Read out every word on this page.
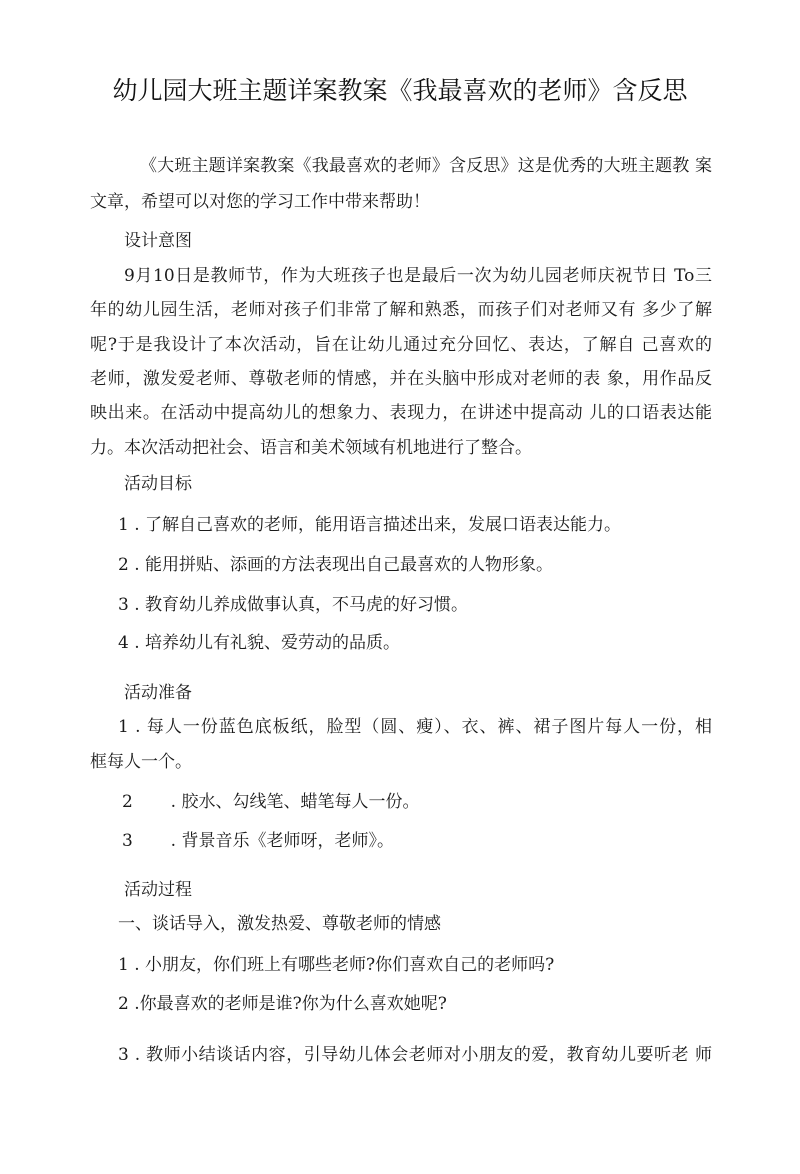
幼儿园大班主题详案教案《我最喜欢的老师》含反思
《大班主题详案教案《我最喜欢的老师》含反思》这是优秀的大班主题教 案
文章，希望可以对您的学习工作中带来帮助！
设计意图
9月10日是教师节，作为大班孩子也是最后一次为幼儿园老师庆祝节日 To三
年的幼儿园生活，老师对孩子们非常了解和熟悉，而孩子们对老师又有 多少了解
呢?于是我设计了本次活动，旨在让幼儿通过充分回忆、表达，了解自 己喜欢的
老师，激发爱老师、尊敬老师的情感，并在头脑中形成对老师的表 象，用作品反
映出来。在活动中提高幼儿的想象力、表现力，在讲述中提高动 儿的口语表达能
力。本次活动把社会、语言和美术领域有机地进行了整合。
活动目标
1 . 了解自己喜欢的老师，能用语言描述出来，发展口语表达能力。
2 . 能用拼贴、添画的方法表现出自己最喜欢的人物形象。
3 . 教育幼儿养成做事认真，不马虎的好习惯。
4 . 培养幼儿有礼貌、爱劳动的品质。
活动准备
1 . 每人一份蓝色底板纸，脸型（圆、瘦）、衣、裤、裙子图片每人一份，相
框每人一个。
2       . 胶水、勾线笔、蜡笔每人一份。
3       . 背景音乐《老师呀，老师》。
活动过程
一、谈话导入，激发热爱、尊敬老师的情感
1 . 小朋友，你们班上有哪些老师?你们喜欢自己的老师吗?
2 .你最喜欢的老师是谁?你为什么喜欢她呢?
3 . 教师小结谈话内容，引导幼儿体会老师对小朋友的爱，教育幼儿要听老 师
